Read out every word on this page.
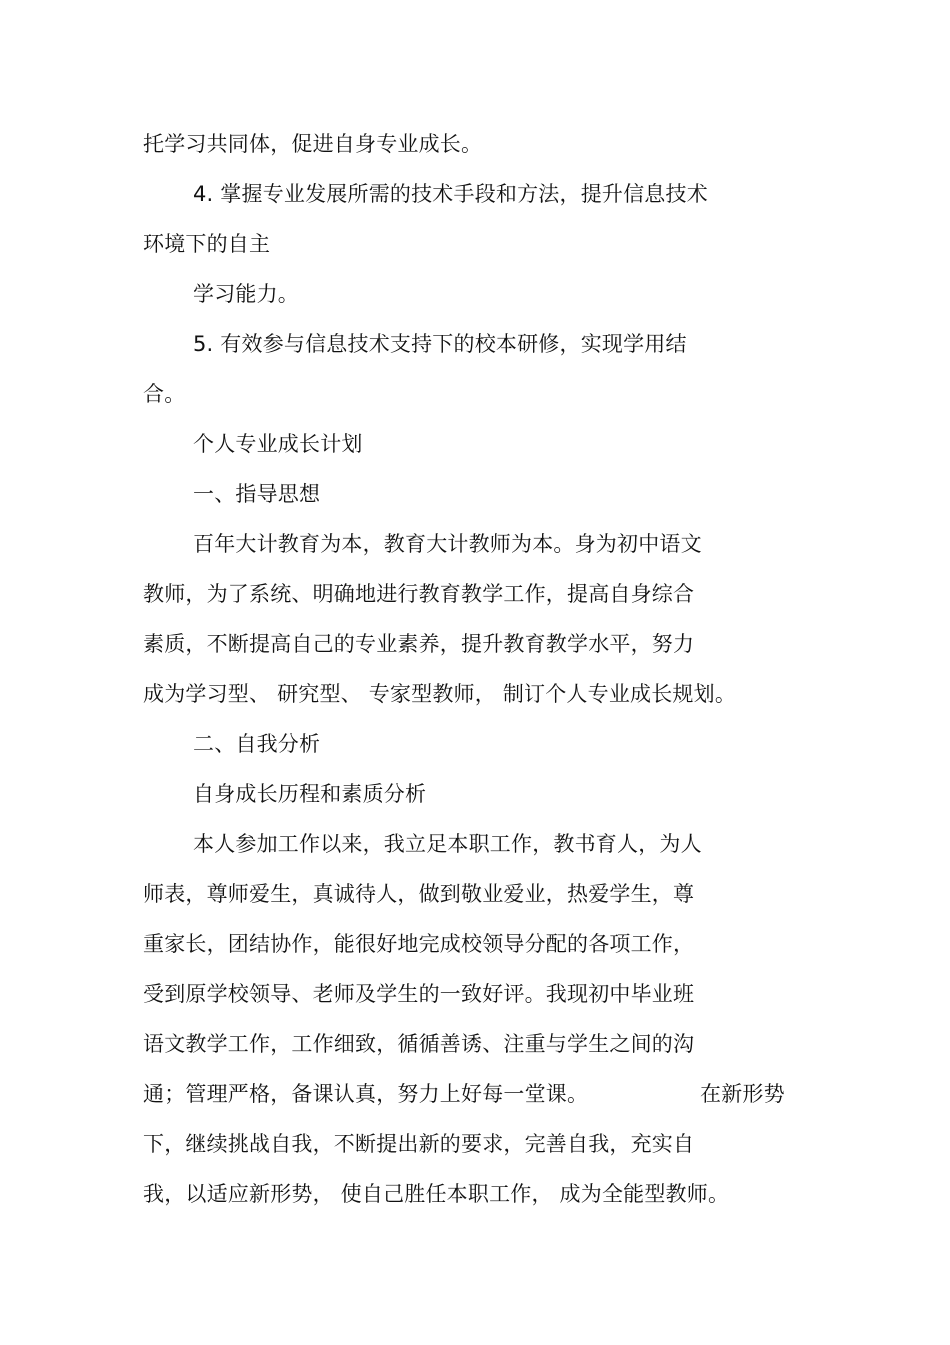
托学习共同体，促进自身专业成长。
4. 掌握专业发展所需的技术手段和方法，提升信息技术
环境下的自主
学习能力。
5. 有效参与信息技术支持下的校本研修，实现学用结
合。
个人专业成长计划
一、指导思想
百年大计教育为本，教育大计教师为本。身为初中语文
教师，为了系统、明确地进行教育教学工作，提高自身综合
素质，不断提高自己的专业素养，提升教育教学水平，努力
成为学习型、 研究型、 专家型教师， 制订个人专业成长规划。
二、自我分析
自身成长历程和素质分析
本人参加工作以来，我立足本职工作，教书育人，为人
师表，尊师爱生，真诚待人，做到敬业爱业，热爱学生，尊
重家长，团结协作，能很好地完成校领导分配的各项工作，
受到原学校领导、老师及学生的一致好评。我现初中毕业班
语文教学工作，工作细致，循循善诱、注重与学生之间的沟
通；管理严格，备课认真，努力上好每一堂课。	在新形势
下，继续挑战自我，不断提出新的要求，完善自我，充实自
我，以适应新形势， 使自己胜任本职工作， 成为全能型教师。
